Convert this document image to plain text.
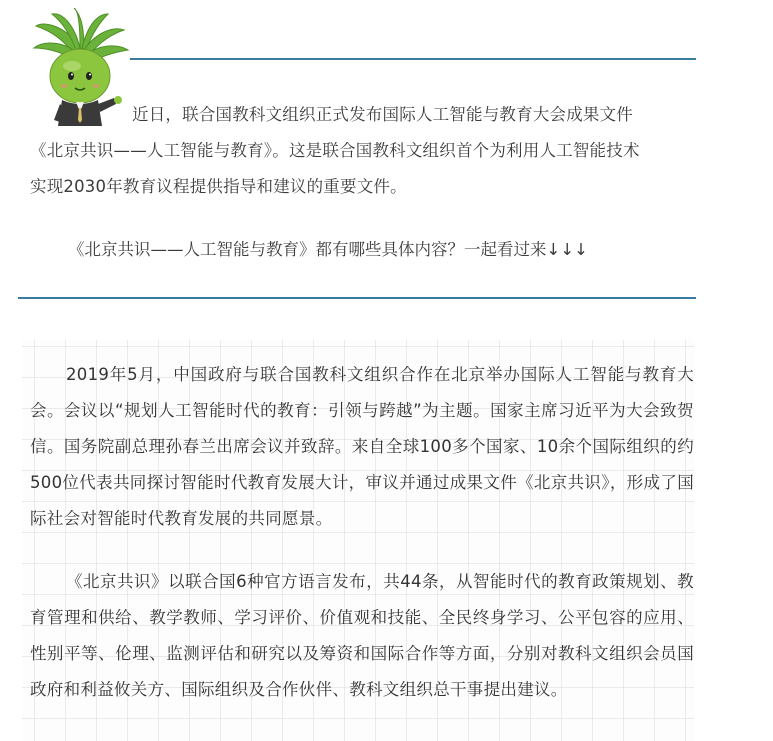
近日，联合国教科文组织正式发布国际人工智能与教育大会成果文件

《北京共识——人工智能与教育》。这是联合国教科文组织首个为利用人工智能技术

实现2030年教育议程提供指导和建议的重要文件。

《北京共识——人工智能与教育》都有哪些具体内容？一起看过来↓↓↓

2019年5月，中国政府与联合国教科文组织合作在北京举办国际人工智能与教育大会。会议以“规划人工智能时代的教育：引领与跨越”为主题。国家主席习近平为大会致贺信。国务院副总理孙春兰出席会议并致辞。来自全球100多个国家、10余个国际组织的约500位代表共同探讨智能时代教育发展大计，审议并通过成果文件《北京共识》，形成了国际社会对智能时代教育发展的共同愿景。

《北京共识》以联合国6种官方语言发布，共44条，从智能时代的教育政策规划、教育管理和供给、教学教师、学习评价、价值观和技能、全民终身学习、公平包容的应用、性别平等、伦理、监测评估和研究以及筹资和国际合作等方面，分别对教科文组织会员国政府和利益攸关方、国际组织及合作伙伴、教科文组织总干事提出建议。
